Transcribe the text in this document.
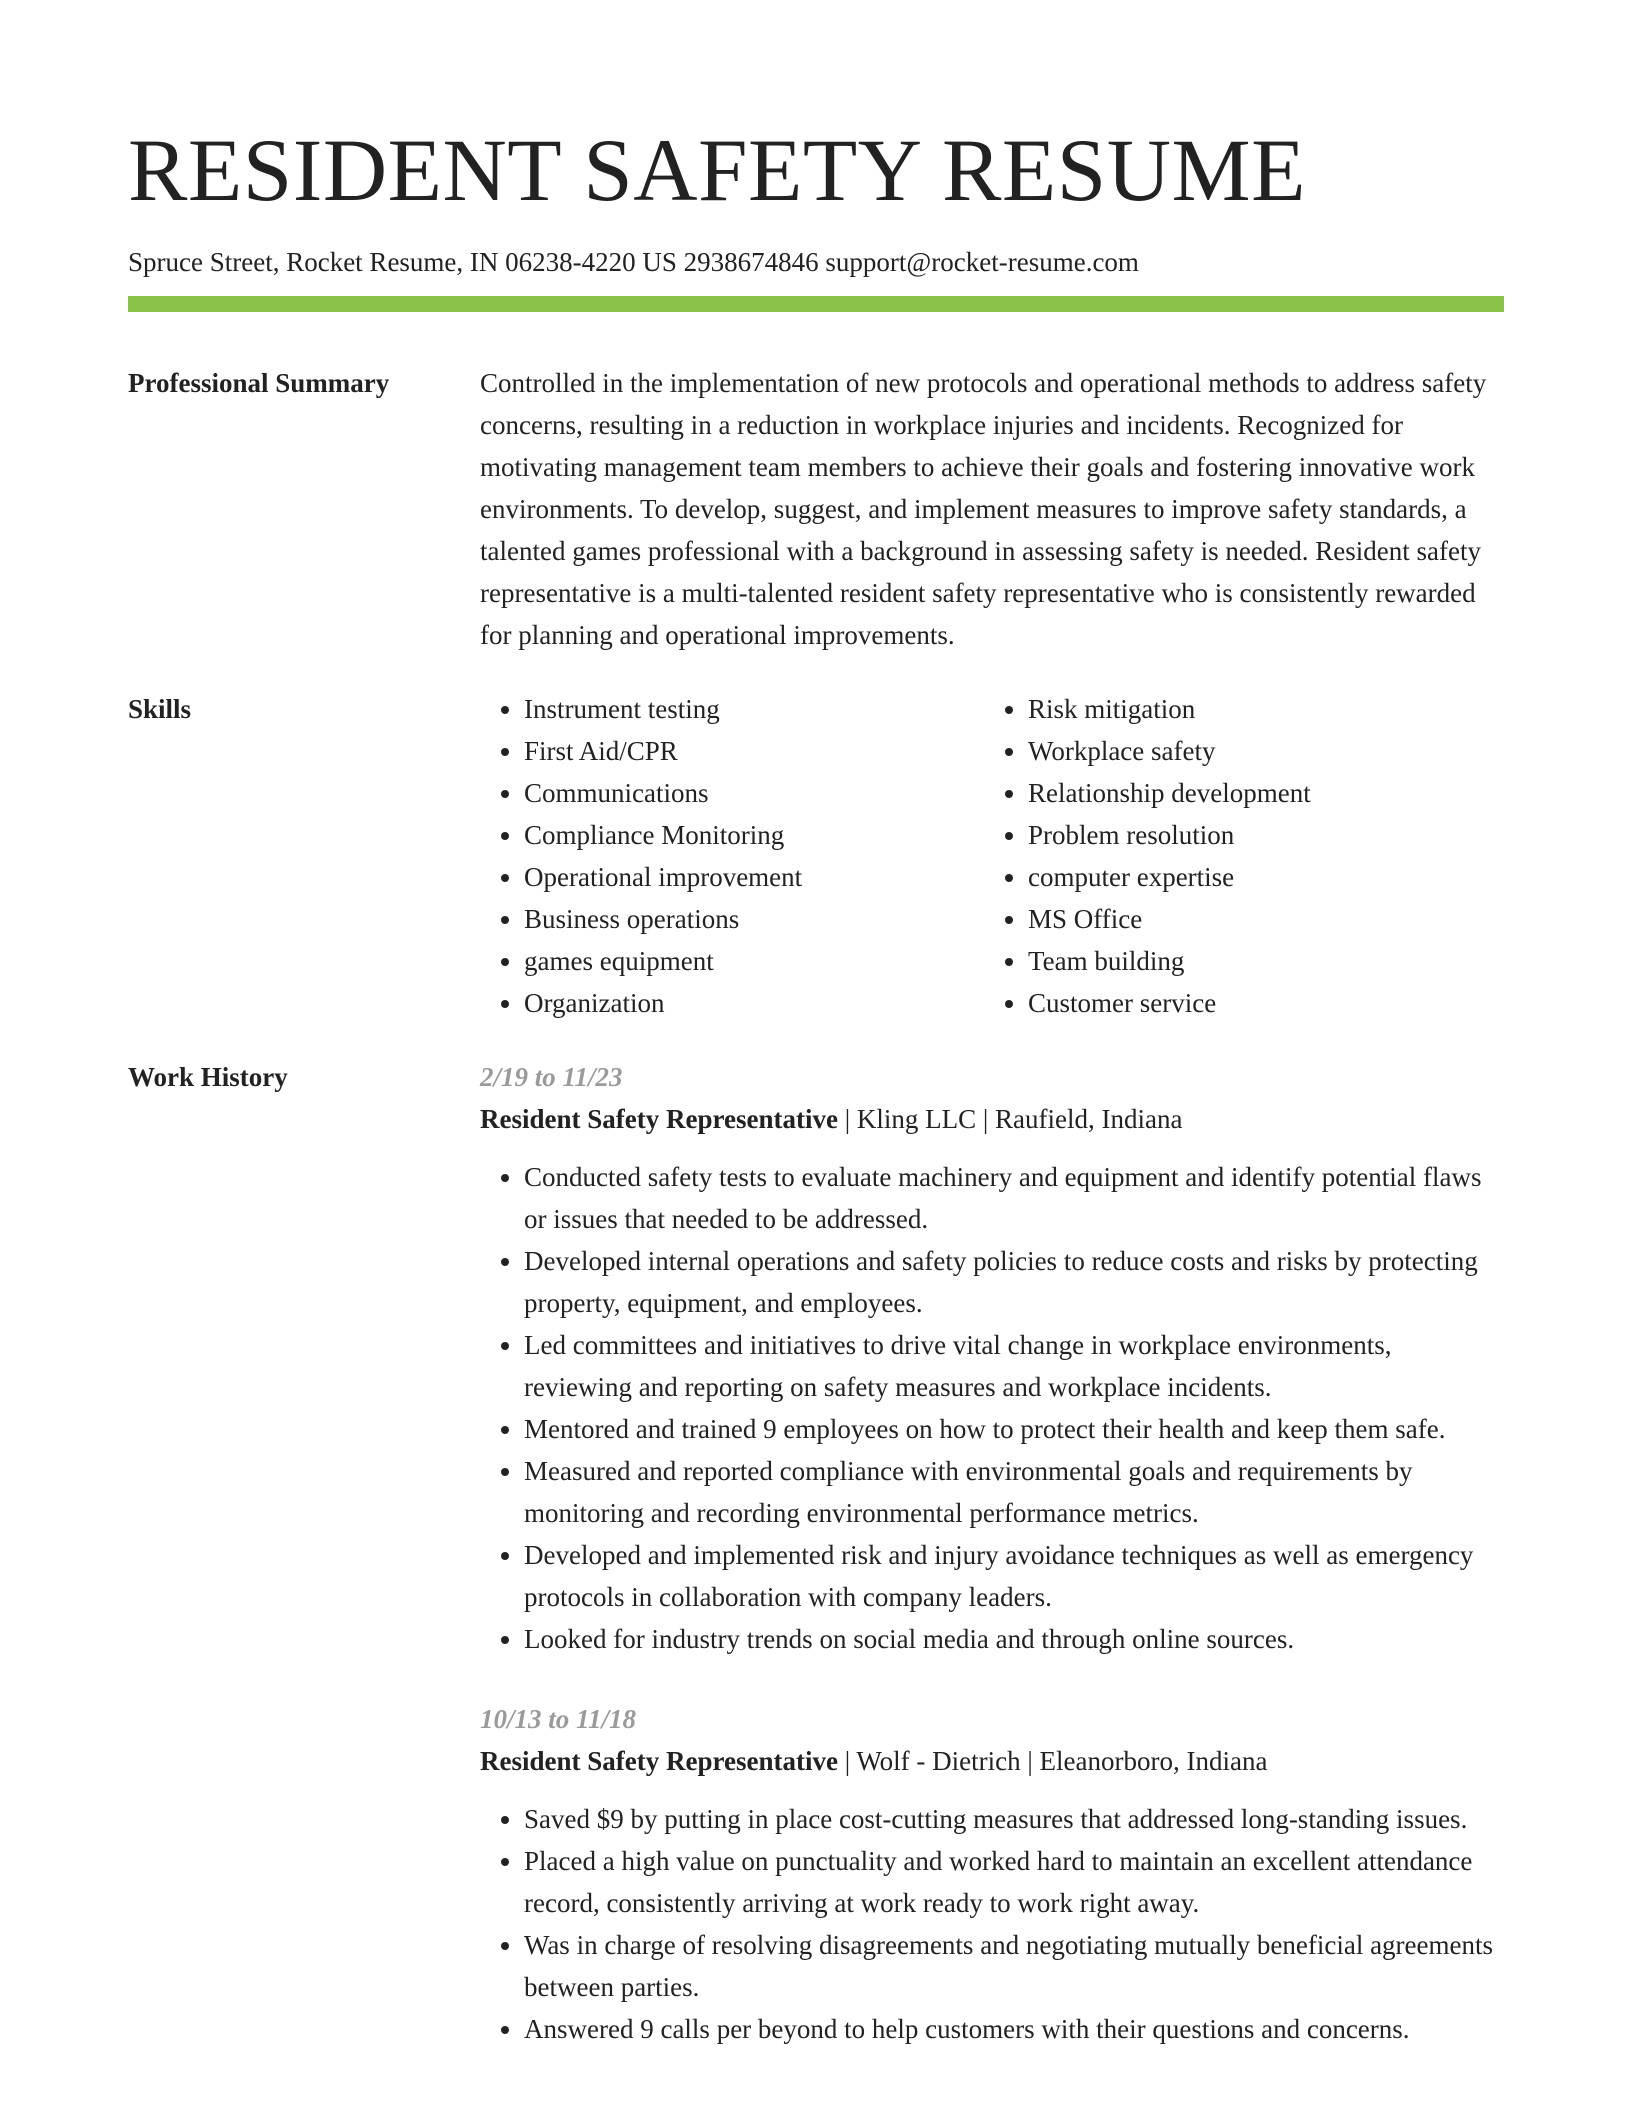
RESIDENT SAFETY RESUME
Spruce Street, Rocket Resume, IN 06238-4220 US 2938674846 support@rocket-resume.com
Professional Summary	Controlled in the implementation of new protocols and operational methods to address safety concerns, resulting in a reduction in workplace injuries and incidents. Recognized for motivating management team members to achieve their goals and fostering innovative work environments. To develop, suggest, and implement measures to improve safety standards, a talented games professional with a background in assessing safety is needed. Resident safety representative is a multi-talented resident safety representative who is consistently rewarded for planning and operational improvements.

Skills
•	Instrument testing
• First Aid/CPR
• Communications
• Compliance Monitoring
• Operational improvement
• Business operations
• games equipment
• Organization
• Risk mitigation
• Workplace safety
• Relationship development
• Problem resolution
• computer expertise
• MS Office
• Team building
• Customer service
Work History	2/19 to 11/23
Resident Safety Representative | Kling LLC | Raufield, Indiana
• Conducted safety tests to evaluate machinery and equipment and identify potential flaws or issues that needed to be addressed.
• Developed internal operations and safety policies to reduce costs and risks by protecting property, equipment, and employees.
• Led committees and initiatives to drive vital change in workplace environments, reviewing and reporting on safety measures and workplace incidents.
• Mentored and trained 9 employees on how to protect their health and keep them safe.
• Measured and reported compliance with environmental goals and requirements by monitoring and recording environmental performance metrics.
• Developed and implemented risk and injury avoidance techniques as well as emergency protocols in collaboration with company leaders.
• Looked for industry trends on social media and through online sources.
10/13 to 11/18
Resident Safety Representative | Wolf - Dietrich | Eleanorboro, Indiana
• Saved $9 by putting in place cost-cutting measures that addressed long-standing issues.
• Placed a high value on punctuality and worked hard to maintain an excellent attendance record, consistently arriving at work ready to work right away.
• Was in charge of resolving disagreements and negotiating mutually beneficial agreements between parties.
• Answered 9 calls per beyond to help customers with their questions and concerns.
